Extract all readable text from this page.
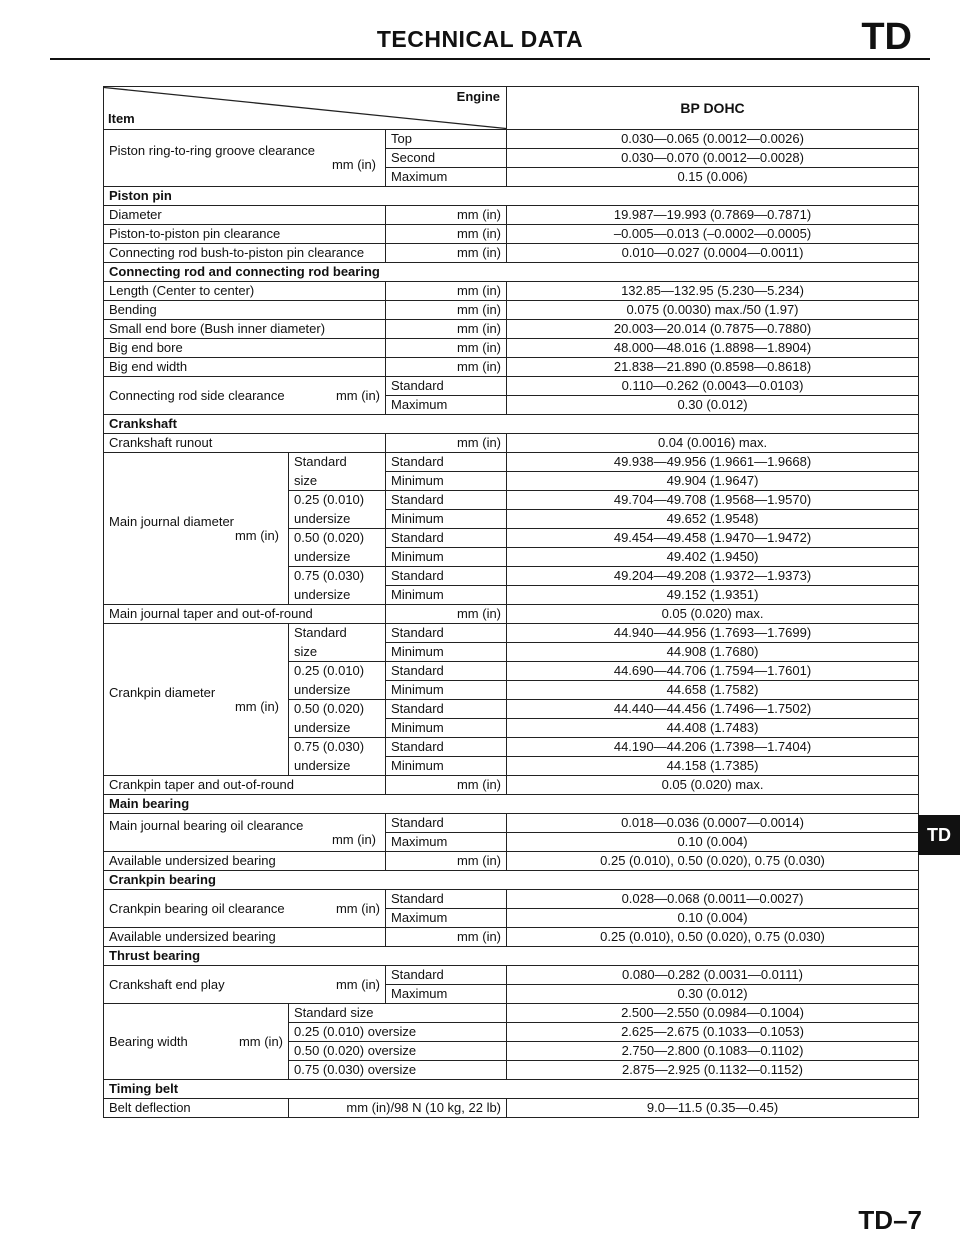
TECHNICAL DATA	TD
Item
Engine			BP DOHC

Piston ring-to-ring groove clearance
mm (in)		Top	0.030—0.065 (0.0012—0.0026)
		Second	0.030—0.070 (0.0012—0.0028)
		Maximum	0.15 (0.006)
Piston pin			
Diameter		mm (in)	19.987—19.993 (0.7869—0.7871)
Piston-to-piston pin clearance		mm (in)	–0.005—0.013 (–0.0002—0.0005)
Connecting rod bush-to-piston pin clearance		mm (in)	0.010—0.027 (0.0004—0.0011)
Connecting rod and connecting rod bearing			
Length (Center to center)		mm (in)	132.85—132.95 (5.230—5.234)
Bending		mm (in)	0.075 (0.0030) max./50 (1.97)
Small end bore (Bush inner diameter)		mm (in)	20.003—20.014 (0.7875—0.7880)
Big end bore		mm (in)	48.000—48.016 (1.8898—1.8904)
Big end width		mm (in)	21.838—21.890 (0.8598—0.8618)
Connecting rod side clearance mm (in)		Standard	0.110—0.262 (0.0043—0.0103)
		Maximum	0.30 (0.012)
Crankshaft			
Crankshaft runout		mm (in)	0.04 (0.0016) max.

Main journal diameter
mm (in)	Standard	Standard	49.938—49.956 (1.9661—1.9668)
	size	Minimum	49.904 (1.9647)
	0.25 (0.010)	Standard	49.704—49.708 (1.9568—1.9570)
	undersize	Minimum	49.652 (1.9548)
	0.50 (0.020)	Standard	49.454—49.458 (1.9470—1.9472)
	undersize	Minimum	49.402 (1.9450)
	0.75 (0.030)	Standard	49.204—49.208 (1.9372—1.9373)
	undersize	Minimum	49.152 (1.9351)
Main journal taper and out-of-round		mm (in)	0.05 (0.020) max.

Crankpin diameter
mm (in)	Standard	Standard	44.940—44.956 (1.7693—1.7699)
	size	Minimum	44.908 (1.7680)
	0.25 (0.010)	Standard	44.690—44.706 (1.7594—1.7601)
	undersize	Minimum	44.658 (1.7582)
	0.50 (0.020)	Standard	44.440—44.456 (1.7496—1.7502)
	undersize	Minimum	44.408 (1.7483)
	0.75 (0.030)	Standard	44.190—44.206 (1.7398—1.7404)
	undersize	Minimum	44.158 (1.7385)
Crankpin taper and out-of-round		mm (in)	0.05 (0.020) max.
Main bearing			

Main journal bearing oil clearance
mm (in)		Standard	0.018—0.036 (0.0007—0.0014)
		Maximum	0.10 (0.004)
Available undersized bearing		mm (in)	0.25 (0.010), 0.50 (0.020), 0.75 (0.030)
Crankpin bearing			
Crankpin bearing oil clearance mm (in)		Standard	0.028—0.068 (0.0011—0.0027)
		Maximum	0.10 (0.004)
Available undersized bearing		mm (in)	0.25 (0.010), 0.50 (0.020), 0.75 (0.030)
Thrust bearing			
Crankshaft end play mm (in)		Standard	0.080—0.282 (0.0031—0.0111)
		Maximum	0.30 (0.012)
Bearing width mm (in)	Standard size		2.500—2.550 (0.0984—0.1004)
	0.25 (0.010) oversize		2.625—2.675 (0.1033—0.1053)
	0.50 (0.020) oversize		2.750—2.800 (0.1083—0.1102)
	0.75 (0.030) oversize		2.875—2.925 (0.1132—0.1152)
Timing belt			
Belt deflection	mm (in)/98 N (10 kg, 22 lb)		9.0—11.5 (0.35—0.45)
TD
TD–7
